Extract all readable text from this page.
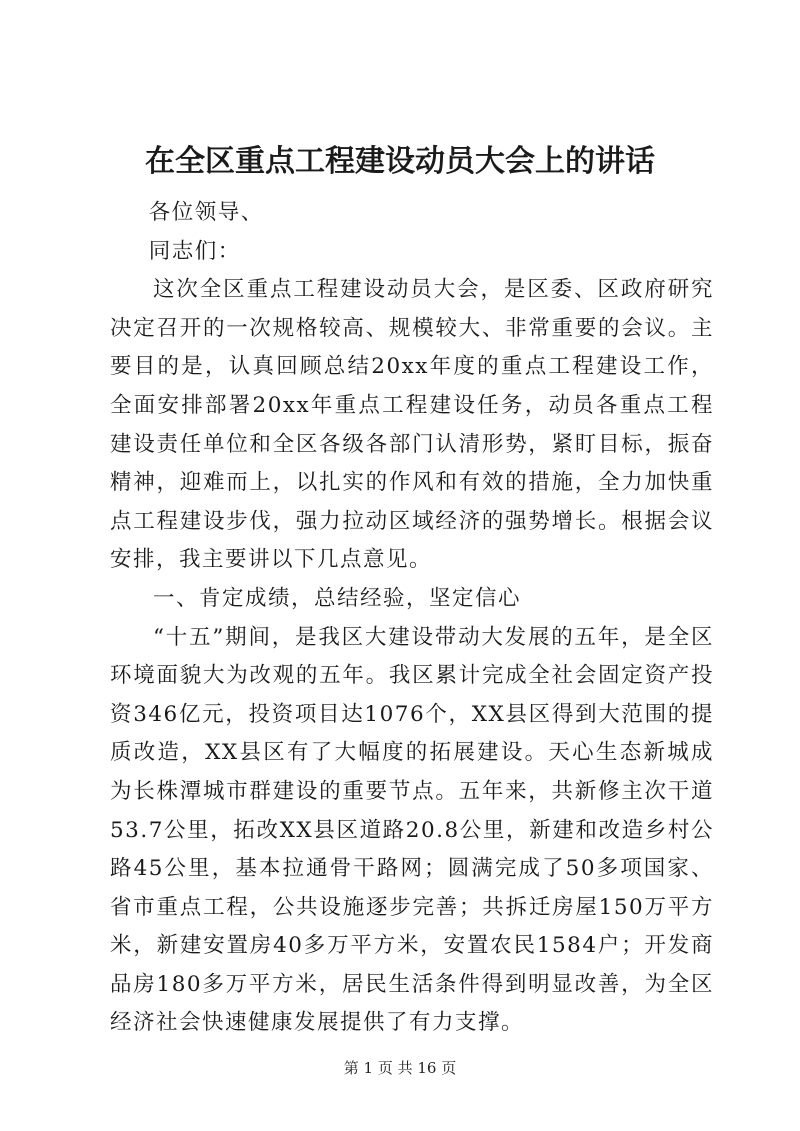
在全区重点工程建设动员大会上的讲话

各位领导、

同志们：

这次全区重点工程建设动员大会，是区委、区政府研究决定召开的一次规格较高、规模较大、非常重要的会议。主要目的是，认真回顾总结20xx年度的重点工程建设工作，全面安排部署20xx年重点工程建设任务，动员各重点工程建设责任单位和全区各级各部门认清形势，紧盯目标，振奋精神，迎难而上，以扎实的作风和有效的措施，全力加快重点工程建设步伐，强力拉动区域经济的强势增长。根据会议安排，我主要讲以下几点意见。

一、肯定成绩，总结经验，坚定信心

“十五”期间，是我区大建设带动大发展的五年，是全区环境面貌大为改观的五年。我区累计完成全社会固定资产投资346亿元，投资项目达1076个，XX县区得到大范围的提质改造，XX县区有了大幅度的拓展建设。天心生态新城成为长株潭城市群建设的重要节点。五年来，共新修主次干道53.7公里，拓改XX县区道路20.8公里，新建和改造乡村公路45公里，基本拉通骨干路网；圆满完成了50多项国家、省市重点工程，公共设施逐步完善；共拆迁房屋150万平方米，新建安置房40多万平方米，安置农民1584户；开发商品房180多万平方米，居民生活条件得到明显改善，为全区经济社会快速健康发展提供了有力支撑。

第 1 页 共 16 页
